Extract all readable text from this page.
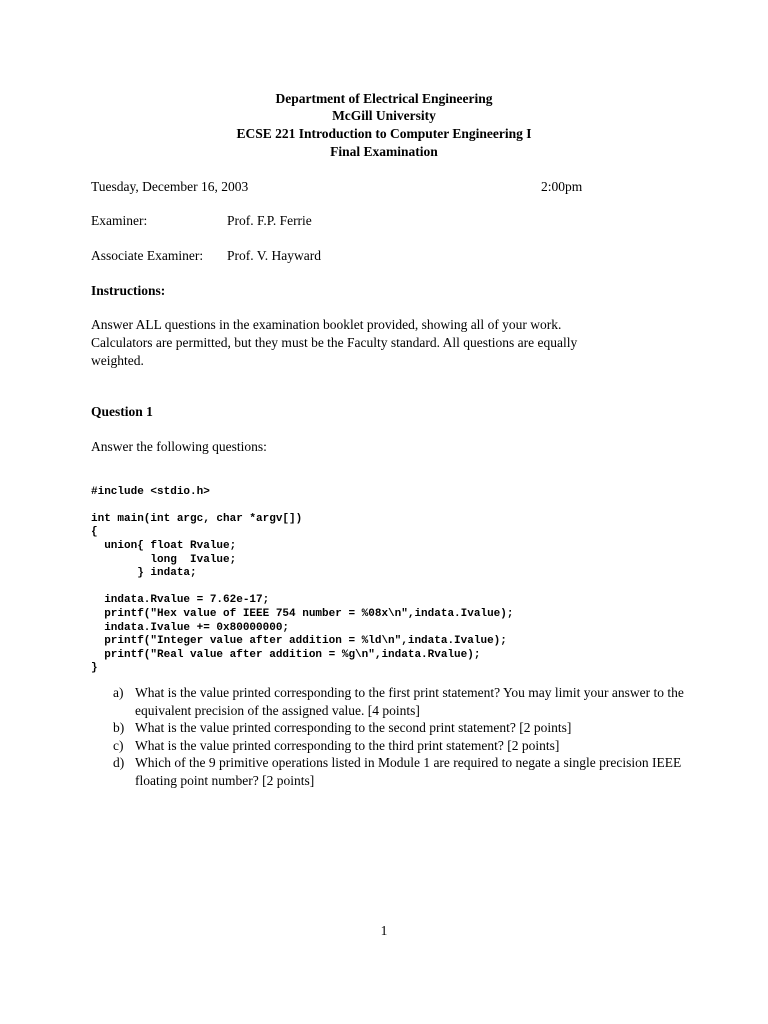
Department of Electrical Engineering
McGill University
ECSE 221 Introduction to Computer Engineering I
Final Examination
Tuesday, December 16, 2003	2:00pm
Examiner:	Prof. F.P. Ferrie
Associate Examiner: Prof. V. Hayward
Instructions:
Answer ALL questions in the examination booklet provided, showing all of your work.
Calculators are permitted, but they must be the Faculty standard. All questions are equally
weighted.
Question 1
Answer the following questions:

#include <stdio.h>

int main(int argc, char *argv[])
{
union{ float Rvalue;
long  Ivalue;
} indata;

indata.Rvalue = 7.62e-17;
printf("Hex value of IEEE 754 number = %08x\n",indata.Ivalue);
indata.Ivalue += 0x80000000;
printf("Integer value after addition = %ld\n",indata.Ivalue);
printf("Real value after addition = %g\n",indata.Rvalue);
}

a) What is the value printed corresponding to the first print statement? You may limit your answer to the equivalent precision of the assigned value. [4 points]
b) What is the value printed corresponding to the second print statement? [2 points]
c) What is the value printed corresponding to the third print statement? [2 points]
d) Which of the 9 primitive operations listed in Module 1 are required to negate a single precision IEEE floating point number? [2 points]
1
